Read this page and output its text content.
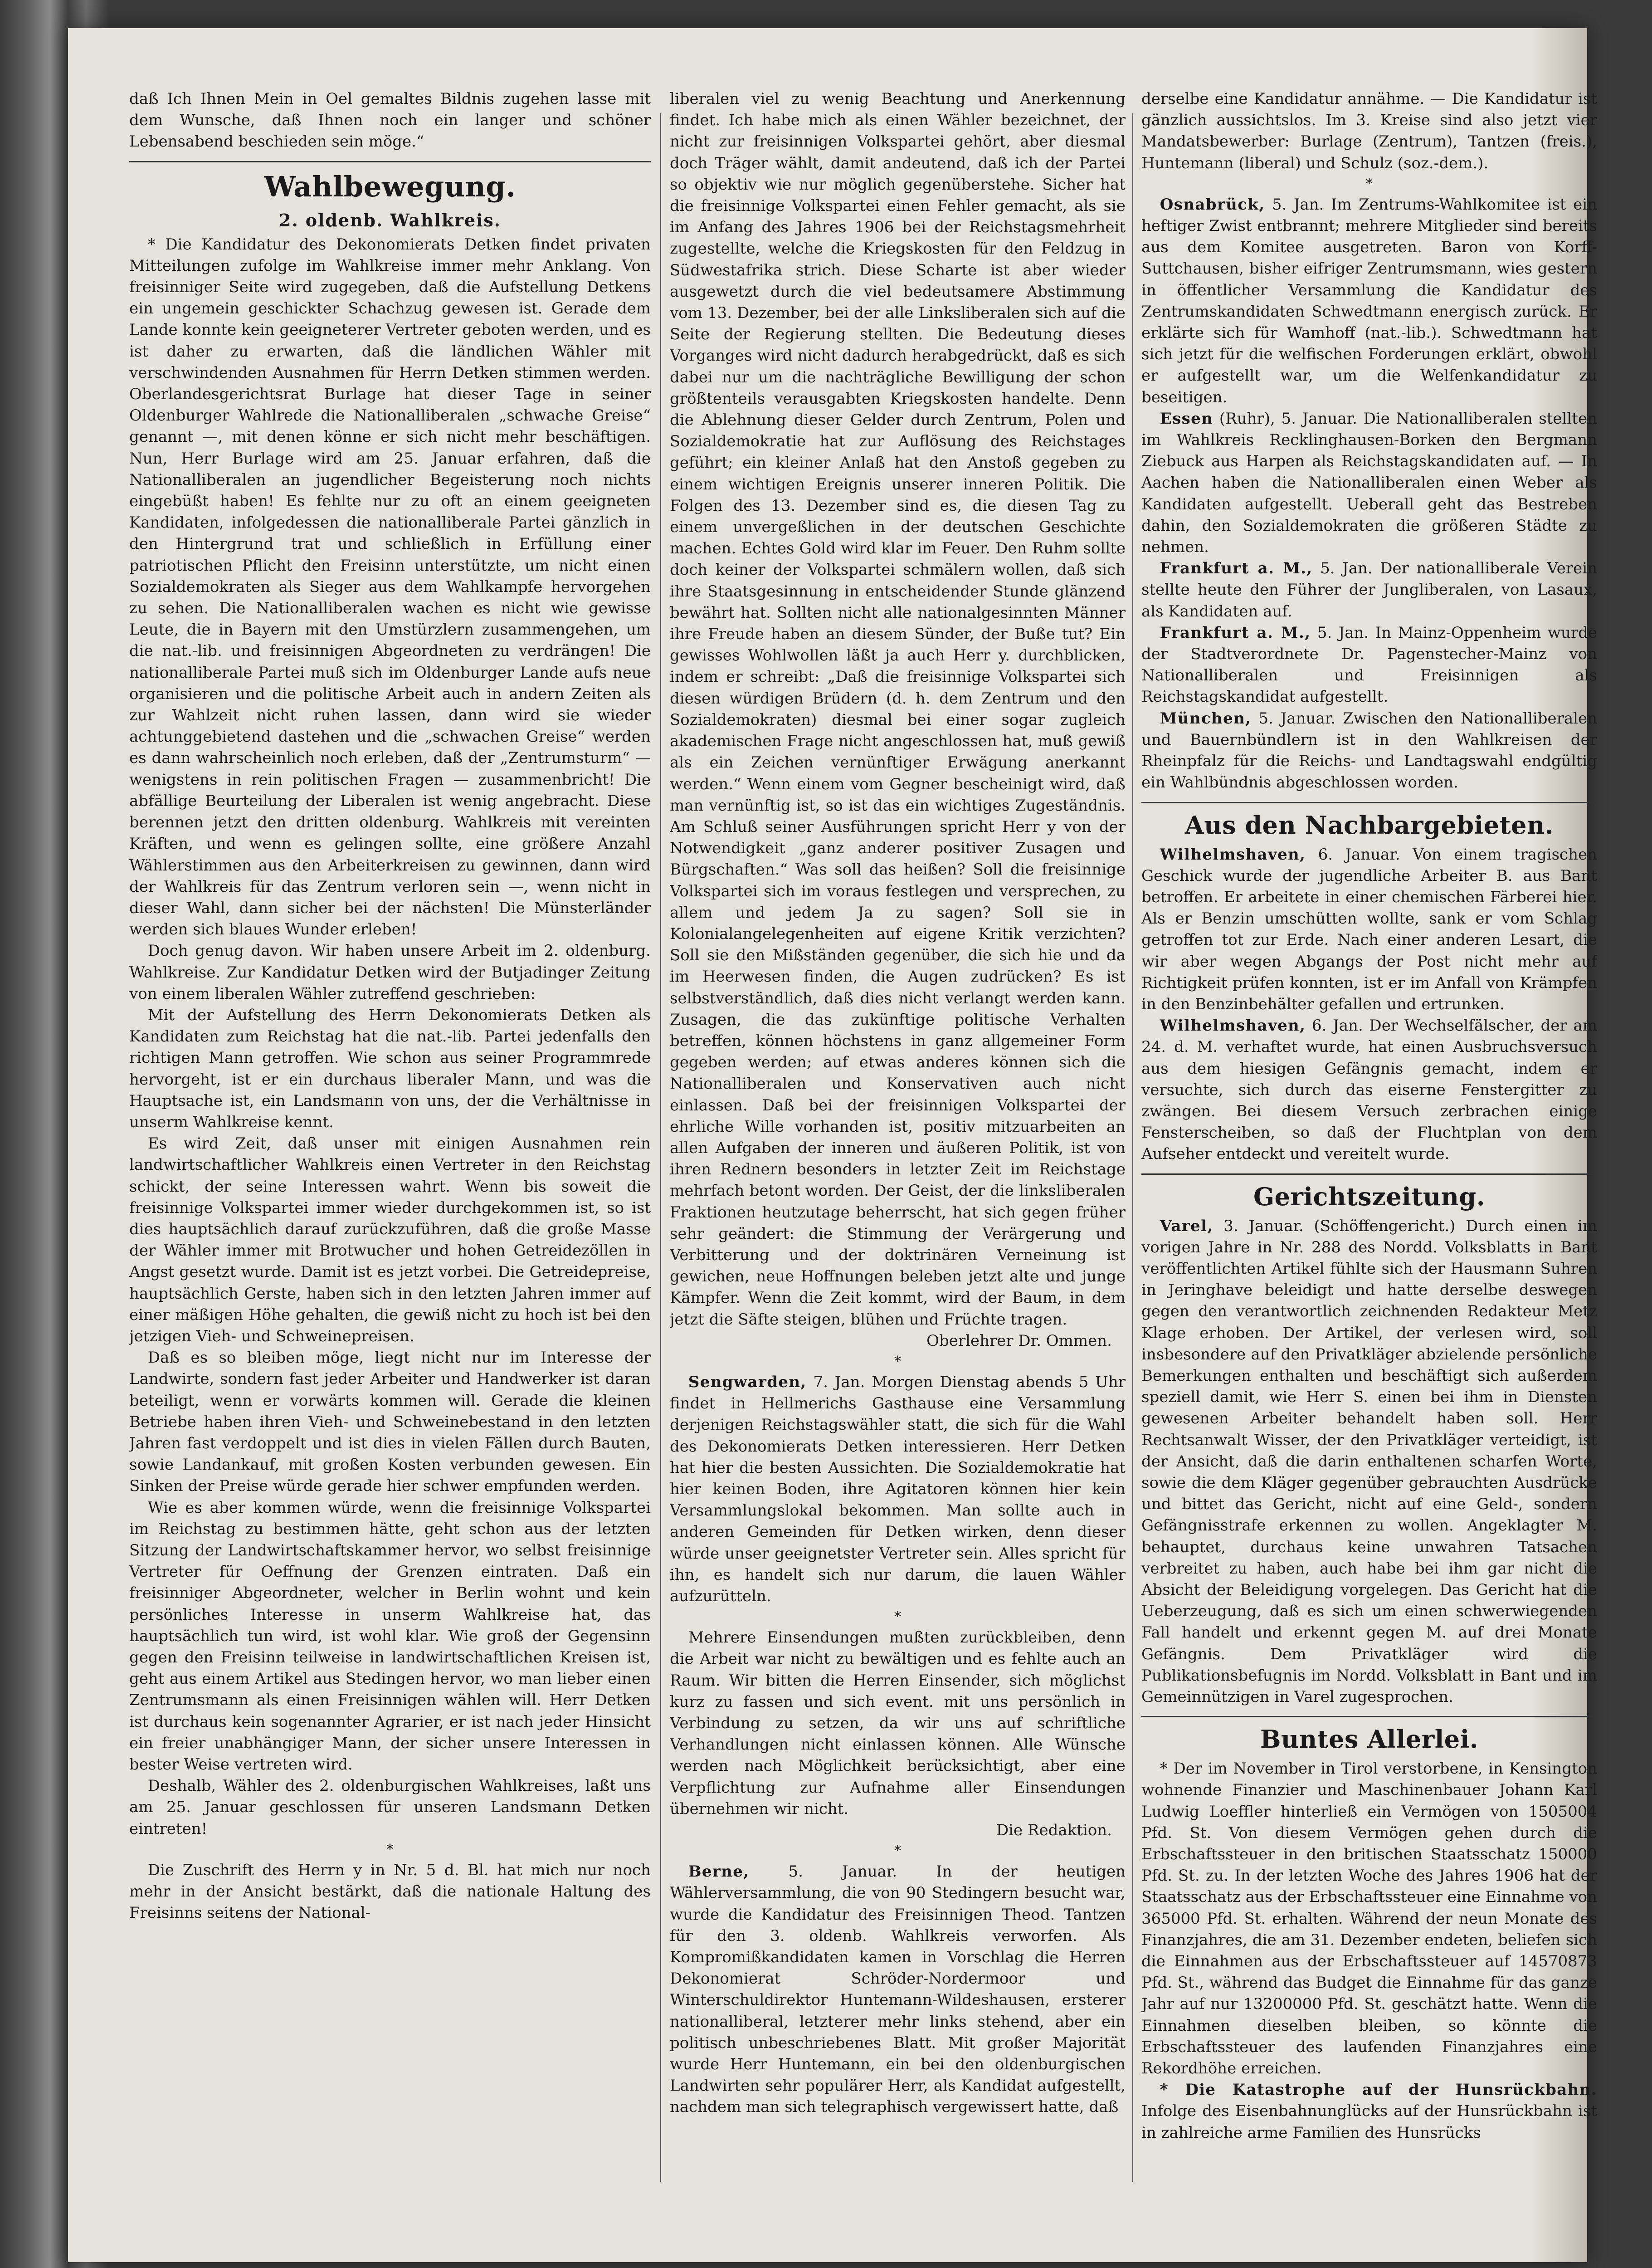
daß Ich Ihnen Mein in Oel gemaltes Bildnis zugehen lasse mit dem Wunsche, daß Ihnen noch ein langer und schöner Lebensabend beschieden sein möge.“

Wahlbewegung.
2. oldenb. Wahlkreis.

* Die Kandidatur des Dekonomierats Detken findet privaten Mitteilungen zufolge im Wahlkreise immer mehr Anklang. Von freisinniger Seite wird zugegeben, daß die Aufstellung Detkens ein ungemein geschickter Schachzug gewesen ist. Gerade dem Lande konnte kein geeigneterer Vertreter geboten werden, und es ist daher zu erwarten, daß die ländlichen Wähler mit verschwindenden Ausnahmen für Herrn Detken stimmen werden. Oberlandesgerichtsrat Burlage hat dieser Tage in seiner Oldenburger Wahlrede die Nationalliberalen „schwache Greise“ genannt —, mit denen könne er sich nicht mehr beschäftigen. Nun, Herr Burlage wird am 25. Januar erfahren, daß die Nationalliberalen an jugendlicher Begeisterung noch nichts eingebüßt haben! Es fehlte nur zu oft an einem geeigneten Kandidaten, infolgedessen die nationalliberale Partei gänzlich in den Hintergrund trat und schließlich in Erfüllung einer patriotischen Pflicht den Freisinn unterstützte, um nicht einen Sozialdemokraten als Sieger aus dem Wahlkampfe hervorgehen zu sehen. Die Nationalliberalen wachen es nicht wie gewisse Leute, die in Bayern mit den Umstürzlern zusammengehen, um die nat.-lib. und freisinnigen Abgeordneten zu verdrängen! Die nationalliberale Partei muß sich im Oldenburger Lande aufs neue organisieren und die politische Arbeit auch in andern Zeiten als zur Wahlzeit nicht ruhen lassen, dann wird sie wieder achtunggebietend dastehen und die „schwachen Greise“ werden es dann wahrscheinlich noch erleben, daß der „Zentrumsturm“ — wenigstens in rein politischen Fragen — zusammenbricht! Die abfällige Beurteilung der Liberalen ist wenig angebracht. Diese berennen jetzt den dritten oldenburg. Wahlkreis mit vereinten Kräften, und wenn es gelingen sollte, eine größere Anzahl Wählerstimmen aus den Arbeiterkreisen zu gewinnen, dann wird der Wahlkreis für das Zentrum verloren sein —, wenn nicht in dieser Wahl, dann sicher bei der nächsten! Die Münsterländer werden sich blaues Wunder erleben!

Doch genug davon. Wir haben unsere Arbeit im 2. oldenburg. Wahlkreise. Zur Kandidatur Detken wird der Butjadinger Zeitung von einem liberalen Wähler zutreffend geschrieben:

Mit der Aufstellung des Herrn Dekonomierats Detken als Kandidaten zum Reichstag hat die nat.-lib. Partei jedenfalls den richtigen Mann getroffen. Wie schon aus seiner Programmrede hervorgeht, ist er ein durchaus liberaler Mann, und was die Hauptsache ist, ein Landsmann von uns, der die Verhältnisse in unserm Wahlkreise kennt.

Es wird Zeit, daß unser mit einigen Ausnahmen rein landwirtschaftlicher Wahlkreis einen Vertreter in den Reichstag schickt, der seine Interessen wahrt. Wenn bis soweit die freisinnige Volkspartei immer wieder durchgekommen ist, so ist dies hauptsächlich darauf zurückzuführen, daß die große Masse der Wähler immer mit Brotwucher und hohen Getreidezöllen in Angst gesetzt wurde. Damit ist es jetzt vorbei. Die Getreidepreise, hauptsächlich Gerste, haben sich in den letzten Jahren immer auf einer mäßigen Höhe gehalten, die gewiß nicht zu hoch ist bei den jetzigen Vieh- und Schweinepreisen.

Daß es so bleiben möge, liegt nicht nur im Interesse der Landwirte, sondern fast jeder Arbeiter und Handwerker ist daran beteiligt, wenn er vorwärts kommen will. Gerade die kleinen Betriebe haben ihren Vieh- und Schweinebestand in den letzten Jahren fast verdoppelt und ist dies in vielen Fällen durch Bauten, sowie Landankauf, mit großen Kosten verbunden gewesen. Ein Sinken der Preise würde gerade hier schwer empfunden werden.

Wie es aber kommen würde, wenn die freisinnige Volkspartei im Reichstag zu bestimmen hätte, geht schon aus der letzten Sitzung der Landwirtschaftskammer hervor, wo selbst freisinnige Vertreter für Oeffnung der Grenzen eintraten. Daß ein freisinniger Abgeordneter, welcher in Berlin wohnt und kein persönliches Interesse in unserm Wahlkreise hat, das hauptsächlich tun wird, ist wohl klar. Wie groß der Gegensinn gegen den Freisinn teilweise in landwirtschaftlichen Kreisen ist, geht aus einem Artikel aus Stedingen hervor, wo man lieber einen Zentrumsmann als einen Freisinnigen wählen will. Herr Detken ist durchaus kein sogenannter Agrarier, er ist nach jeder Hinsicht ein freier unabhängiger Mann, der sicher unsere Interessen in bester Weise vertreten wird.

Deshalb, Wähler des 2. oldenburgischen Wahlkreises, laßt uns am 25. Januar geschlossen für unseren Landsmann Detken eintreten!

*

Die Zuschrift des Herrn y in Nr. 5 d. Bl. hat mich nur noch mehr in der Ansicht bestärkt, daß die nationale Haltung des Freisinns seitens der National-

liberalen viel zu wenig Beachtung und Anerkennung findet. Ich habe mich als einen Wähler bezeichnet, der nicht zur freisinnigen Volkspartei gehört, aber diesmal doch Träger wählt, damit andeutend, daß ich der Partei so objektiv wie nur möglich gegenüberstehe. Sicher hat die freisinnige Volkspartei einen Fehler gemacht, als sie im Anfang des Jahres 1906 bei der Reichstagsmehrheit zugestellte, welche die Kriegskosten für den Feldzug in Südwestafrika strich. Diese Scharte ist aber wieder ausgewetzt durch die viel bedeutsamere Abstimmung vom 13. Dezember, bei der alle Linksliberalen sich auf die Seite der Regierung stellten. Die Bedeutung dieses Vorganges wird nicht dadurch herabgedrückt, daß es sich dabei nur um die nachträgliche Bewilligung der schon größtenteils verausgabten Kriegskosten handelte. Denn die Ablehnung dieser Gelder durch Zentrum, Polen und Sozialdemokratie hat zur Auflösung des Reichstages geführt; ein kleiner Anlaß hat den Anstoß gegeben zu einem wichtigen Ereignis unserer inneren Politik. Die Folgen des 13. Dezember sind es, die diesen Tag zu einem unvergeßlichen in der deutschen Geschichte machen. Echtes Gold wird klar im Feuer. Den Ruhm sollte doch keiner der Volkspartei schmälern wollen, daß sich ihre Staatsgesinnung in entscheidender Stunde glänzend bewährt hat. Sollten nicht alle nationalgesinnten Männer ihre Freude haben an diesem Sünder, der Buße tut? Ein gewisses Wohlwollen läßt ja auch Herr y. durchblicken, indem er schreibt: „Daß die freisinnige Volkspartei sich diesen würdigen Brüdern (d. h. dem Zentrum und den Sozialdemokraten) diesmal bei einer sogar zugleich akademischen Frage nicht angeschlossen hat, muß gewiß als ein Zeichen vernünftiger Erwägung anerkannt werden.“ Wenn einem vom Gegner bescheinigt wird, daß man vernünftig ist, so ist das ein wichtiges Zugeständnis. Am Schluß seiner Ausführungen spricht Herr y von der Notwendigkeit „ganz anderer positiver Zusagen und Bürgschaften.“ Was soll das heißen? Soll die freisinnige Volkspartei sich im voraus festlegen und versprechen, zu allem und jedem Ja zu sagen? Soll sie in Kolonialangelegenheiten auf eigene Kritik verzichten? Soll sie den Mißständen gegenüber, die sich hie und da im Heerwesen finden, die Augen zudrücken? Es ist selbstverständlich, daß dies nicht verlangt werden kann. Zusagen, die das zukünftige politische Verhalten betreffen, können höchstens in ganz allgemeiner Form gegeben werden; auf etwas anderes können sich die Nationalliberalen und Konservativen auch nicht einlassen. Daß bei der freisinnigen Volkspartei der ehrliche Wille vorhanden ist, positiv mitzuarbeiten an allen Aufgaben der inneren und äußeren Politik, ist von ihren Rednern besonders in letzter Zeit im Reichstage mehrfach betont worden. Der Geist, der die linksliberalen Fraktionen heutzutage beherrscht, hat sich gegen früher sehr geändert: die Stimmung der Verärgerung und Verbitterung und der doktrinären Verneinung ist gewichen, neue Hoffnungen beleben jetzt alte und junge Kämpfer. Wenn die Zeit kommt, wird der Baum, in dem jetzt die Säfte steigen, blühen und Früchte tragen.

Oberlehrer Dr. Ommen.

*

Sengwarden, 7. Jan. Morgen Dienstag abends 5 Uhr findet in Hellmerichs Gasthause eine Versammlung derjenigen Reichstagswähler statt, die sich für die Wahl des Dekonomierats Detken interessieren. Herr Detken hat hier die besten Aussichten. Die Sozialdemokratie hat hier keinen Boden, ihre Agitatoren können hier kein Versammlungslokal bekommen. Man sollte auch in anderen Gemeinden für Detken wirken, denn dieser würde unser geeignetster Vertreter sein. Alles spricht für ihn, es handelt sich nur darum, die lauen Wähler aufzurütteln.

*

Mehrere Einsendungen mußten zurückbleiben, denn die Arbeit war nicht zu bewältigen und es fehlte auch an Raum. Wir bitten die Herren Einsender, sich möglichst kurz zu fassen und sich event. mit uns persönlich in Verbindung zu setzen, da wir uns auf schriftliche Verhandlungen nicht einlassen können. Alle Wünsche werden nach Möglichkeit berücksichtigt, aber eine Verpflichtung zur Aufnahme aller Einsendungen übernehmen wir nicht.

Die Redaktion.

*

Berne, 5. Januar. In der heutigen Wählerversammlung, die von 90 Stedingern besucht war, wurde die Kandidatur des Freisinnigen Theod. Tantzen für den 3. oldenb. Wahlkreis verworfen. Als Kompromißkandidaten kamen in Vorschlag die Herren Dekonomierat Schröder-Nordermoor und Winterschuldirektor Huntemann-Wildeshausen, ersterer nationalliberal, letzterer mehr links stehend, aber ein politisch unbeschriebenes Blatt. Mit großer Majorität wurde Herr Huntemann, ein bei den oldenburgischen Landwirten sehr populärer Herr, als Kandidat aufgestellt, nachdem man sich telegraphisch vergewissert hatte, daß

derselbe eine Kandidatur annähme. — Die Kandidatur ist gänzlich aussichtslos. Im 3. Kreise sind also jetzt vier Mandatsbewerber: Burlage (Zentrum), Tantzen (freis.), Huntemann (liberal) und Schulz (soz.-dem.).

*

Osnabrück, 5. Jan. Im Zentrums-Wahlkomitee ist ein heftiger Zwist entbrannt; mehrere Mitglieder sind bereits aus dem Komitee ausgetreten. Baron von Korff-Suttchausen, bisher eifriger Zentrumsmann, wies gestern in öffentlicher Versammlung die Kandidatur des Zentrumskandidaten Schwedtmann energisch zurück. Er erklärte sich für Wamhoff (nat.-lib.). Schwedtmann hat sich jetzt für die welfischen Forderungen erklärt, obwohl er aufgestellt war, um die Welfenkandidatur zu beseitigen.

Essen (Ruhr), 5. Januar. Die Nationalliberalen stellten im Wahlkreis Recklinghausen-Borken den Bergmann Ziebuck aus Harpen als Reichstagskandidaten auf. — In Aachen haben die Nationalliberalen einen Weber als Kandidaten aufgestellt. Ueberall geht das Bestreben dahin, den Sozialdemokraten die größeren Städte zu nehmen.

Frankfurt a. M., 5. Jan. Der nationalliberale Verein stellte heute den Führer der Jungliberalen, von Lasaux, als Kandidaten auf.

Frankfurt a. M., 5. Jan. In Mainz-Oppenheim wurde der Stadtverordnete Dr. Pagenstecher-Mainz von Nationalliberalen und Freisinnigen als Reichstagskandidat aufgestellt.

München, 5. Januar. Zwischen den Nationalliberalen und Bauernbündlern ist in den Wahlkreisen der Rheinpfalz für die Reichs- und Landtagswahl endgültig ein Wahlbündnis abgeschlossen worden.

Aus den Nachbargebieten.

Wilhelmshaven, 6. Januar. Von einem tragischen Geschick wurde der jugendliche Arbeiter B. aus Bant betroffen. Er arbeitete in einer chemischen Färberei hier. Als er Benzin umschütten wollte, sank er vom Schlag getroffen tot zur Erde. Nach einer anderen Lesart, die wir aber wegen Abgangs der Post nicht mehr auf Richtigkeit prüfen konnten, ist er im Anfall von Krämpfen in den Benzinbehälter gefallen und ertrunken.

Wilhelmshaven, 6. Jan. Der Wechselfälscher, der am 24. d. M. verhaftet wurde, hat einen Ausbruchsversuch aus dem hiesigen Gefängnis gemacht, indem er versuchte, sich durch das eiserne Fenstergitter zu zwängen. Bei diesem Versuch zerbrachen einige Fensterscheiben, so daß der Fluchtplan von dem Aufseher entdeckt und vereitelt wurde.

Gerichtszeitung.

Varel, 3. Januar. (Schöffengericht.) Durch einen im vorigen Jahre in Nr. 288 des Nordd. Volksblatts in Bant veröffentlichten Artikel fühlte sich der Hausmann Suhren in Jeringhave beleidigt und hatte derselbe deswegen gegen den verantwortlich zeichnenden Redakteur Metz Klage erhoben. Der Artikel, der verlesen wird, soll insbesondere auf den Privatkläger abzielende persönliche Bemerkungen enthalten und beschäftigt sich außerdem speziell damit, wie Herr S. einen bei ihm in Diensten gewesenen Arbeiter behandelt haben soll. Herr Rechtsanwalt Wisser, der den Privatkläger verteidigt, ist der Ansicht, daß die darin enthaltenen scharfen Worte, sowie die dem Kläger gegenüber gebrauchten Ausdrücke und bittet das Gericht, nicht auf eine Geld-, sondern Gefängnisstrafe erkennen zu wollen. Angeklagter M. behauptet, durchaus keine unwahren Tatsachen verbreitet zu haben, auch habe bei ihm gar nicht die Absicht der Beleidigung vorgelegen. Das Gericht hat die Ueberzeugung, daß es sich um einen schwerwiegenden Fall handelt und erkennt gegen M. auf drei Monate Gefängnis. Dem Privatkläger wird die Publikationsbefugnis im Nordd. Volksblatt in Bant und im Gemeinnützigen in Varel zugesprochen.

Buntes Allerlei.

* Der im November in Tirol verstorbene, in Kensington wohnende Finanzier und Maschinenbauer Johann Karl Ludwig Loeffler hinterließ ein Vermögen von 1505004 Pfd. St. Von diesem Vermögen gehen durch die Erbschaftssteuer in den britischen Staatsschatz 150000 Pfd. St. zu. In der letzten Woche des Jahres 1906 hat der Staatsschatz aus der Erbschaftssteuer eine Einnahme von 365000 Pfd. St. erhalten. Während der neun Monate des Finanzjahres, die am 31. Dezember endeten, beliefen sich die Einnahmen aus der Erbschaftssteuer auf 14570873 Pfd. St., während das Budget die Einnahme für das ganze Jahr auf nur 13200000 Pfd. St. geschätzt hatte. Wenn die Einnahmen dieselben bleiben, so könnte die Erbschaftssteuer des laufenden Finanzjahres eine Rekordhöhe erreichen.

* Die Katastrophe auf der Hunsrückbahn. Infolge des Eisenbahnunglücks auf der Hunsrückbahn ist in zahlreiche arme Familien des Hunsrücks
